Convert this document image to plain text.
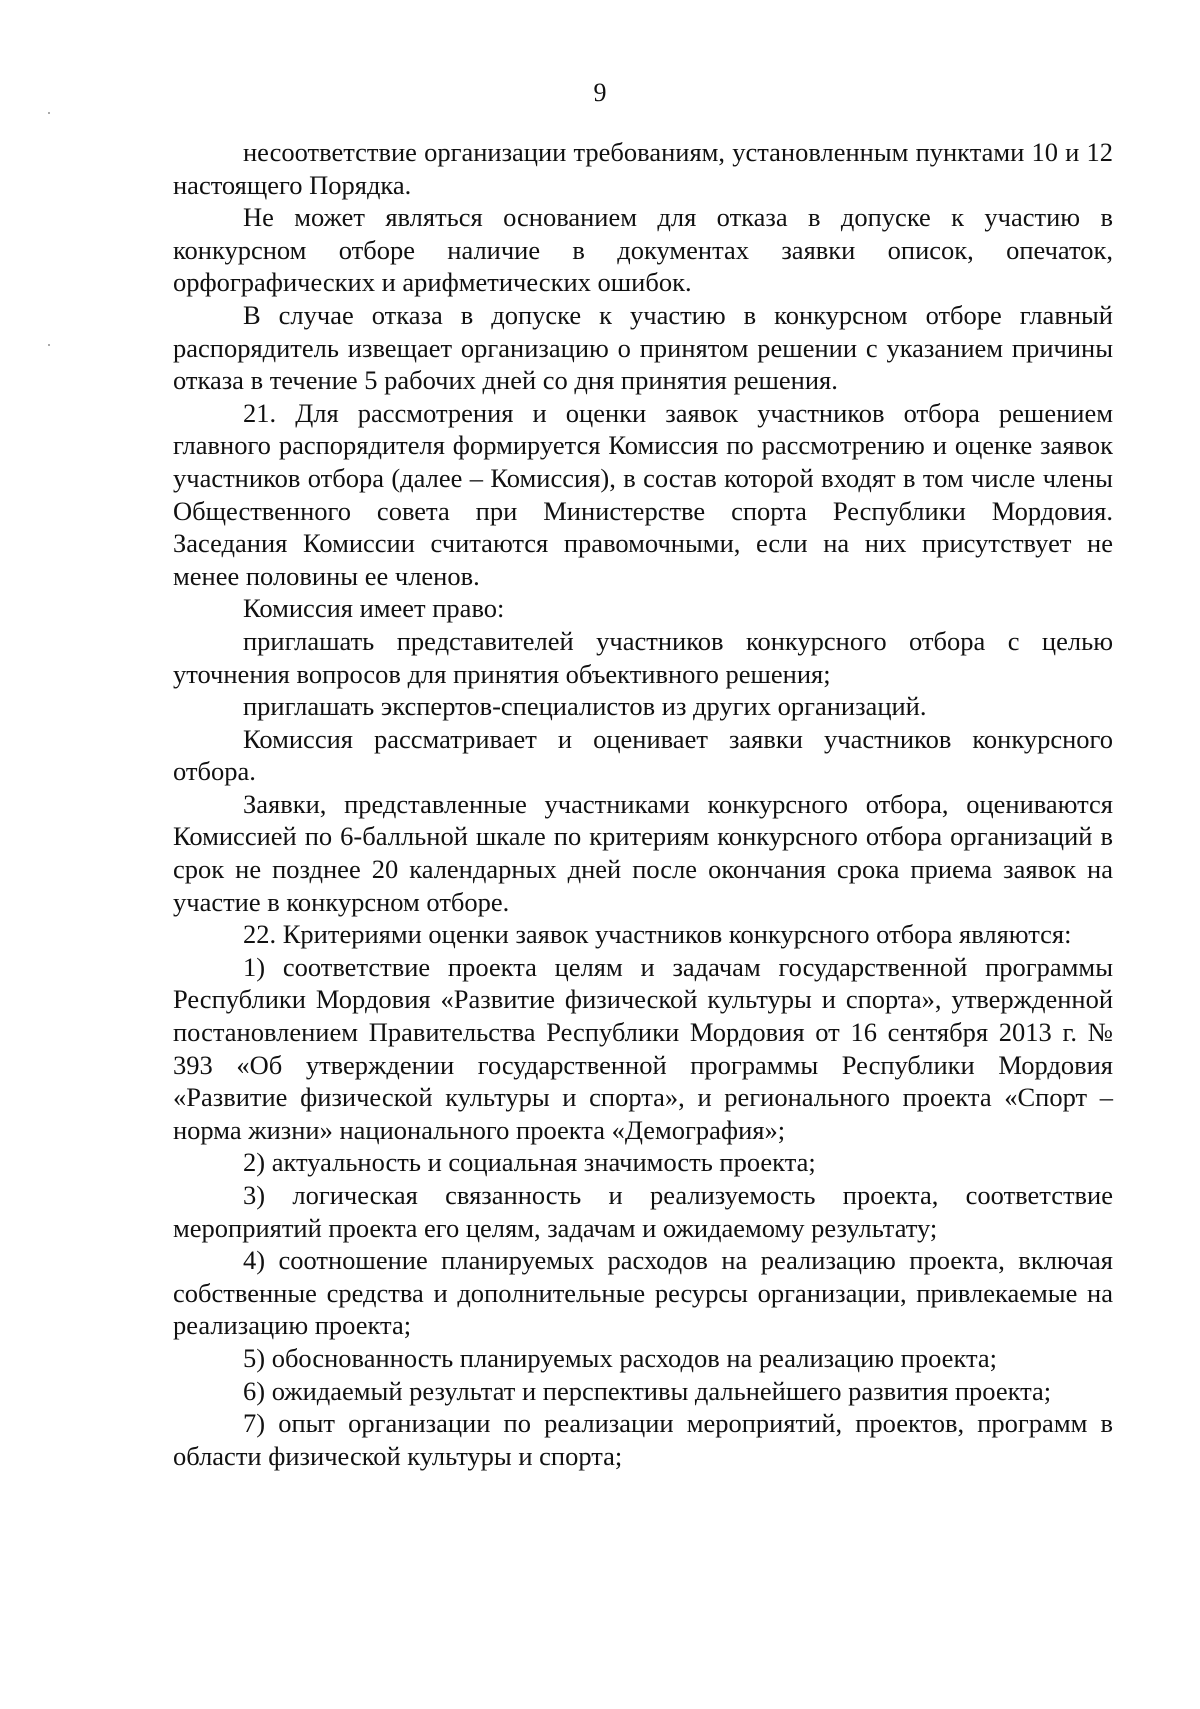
9

несоответствие организации требованиям, установленным пунктами 10 и 12 настоящего Порядка.

Не может являться основанием для отказа в допуске к участию в конкурсном отборе наличие в документах заявки описок, опечаток, орфографических и арифметических ошибок.

В случае отказа в допуске к участию в конкурсном отборе главный распорядитель извещает организацию о принятом решении с указанием причины отказа в течение 5 рабочих дней со дня принятия решения.

21. Для рассмотрения и оценки заявок участников отбора решением главного распорядителя формируется Комиссия по рассмотрению и оценке заявок участников отбора (далее – Комиссия), в состав которой входят в том числе члены Общественного совета при Министерстве спорта Республики Мордовия. Заседания Комиссии считаются правомочными, если на них присутствует не менее половины ее членов.

Комиссия имеет право:

приглашать представителей участников конкурсного отбора с целью уточнения вопросов для принятия объективного решения;

приглашать экспертов-специалистов из других организаций.

Комиссия рассматривает и оценивает заявки участников конкурсного отбора.

Заявки, представленные участниками конкурсного отбора, оцениваются Комиссией по 6-балльной шкале по критериям конкурсного отбора организаций в срок не позднее 20 календарных дней после окончания срока приема заявок на участие в конкурсном отборе.

22. Критериями оценки заявок участников конкурсного отбора являются:

1) соответствие проекта целям и задачам государственной программы Республики Мордовия «Развитие физической культуры и спорта», утвержденной постановлением Правительства Республики Мордовия от 16 сентября 2013 г. № 393 «Об утверждении государственной программы Республики Мордовия «Развитие физической культуры и спорта», и регионального проекта «Спорт – норма жизни» национального проекта «Демография»;

2) актуальность и социальная значимость проекта;

3) логическая связанность и реализуемость проекта, соответствие мероприятий проекта его целям, задачам и ожидаемому результату;

4) соотношение планируемых расходов на реализацию проекта, включая собственные средства и дополнительные ресурсы организации, привлекаемые на реализацию проекта;

5) обоснованность планируемых расходов на реализацию проекта;

6) ожидаемый результат и перспективы дальнейшего развития проекта;

7) опыт организации по реализации мероприятий, проектов, программ в области физической культуры и спорта;
